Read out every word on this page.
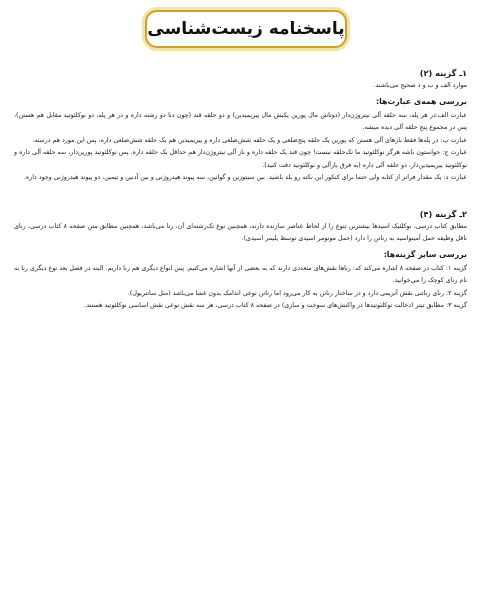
پاسخنامه زیست‌شناسی

۱ـ گزینه (۲)

موارد الف و ب و د صحیح می‌باشند.

بررسی همه‌ی عبارت‌ها:

عبارت الف:در هر پله، سه حلقه آلی نیتروژن‌دار (دوتاش مال پورین یکیش مال پیریمیدین) و دو حلقه قند (چون دنا دو رشته داره و در هر پله، دو نوکلئوتید مقابل هم هستن)، پس در مجموع پنج حلقه آلی دیده میشه.

عبارت ب: در پله‌ها فقط بازهای آلی هستن که پورین یک حلقه پنج‌ضلعی و یک حلقه شش‌ضلعی داره و پیریمیدین هم یک حلقه شش‌ضلعی داره، پس این مورد هم درسته.

عبارت ج: حواستون باشه هرگز نوکلئوتید ما تک‌حلقه نیست! چون قند یک حلقه داره و باز آلی نیتروژن‌دار هم حداقل یک حلقه داره. پس نوکلئوتید پورین‌دار، سه حلقه آلی داره و نوکلئوتید پیریمیدین‌دار، دو حلقه آلی داره (به فرق بازآلی و نوکلئوتید دقت کنید).

عبارت د: یک مقدار فراتر از کتابه ولی حتما برای کنکور این نکته رو بلد باشید. بین سیتوزین و گوانین، سه پیوند هیدروژنی و بین آدنین و تیمین، دو پیوند هیدروژنی وجود داره.

۲ـ گزینه (۴)

مطابق کتاب درسی، نوکلئیک اسیدها بیشترین تنوع را از لحاظ عناصر سازنده دارند، همچنین نوع تک‌رشته‌ای آن، رنا می‌باشد، همچنین مطابق متن صفحه ۸ کتاب درسی، رنای ناقل وظیفه حمل آمینواسید به رناتن را دارد (حمل مونومر اسیدی توسط پلیمر اسیدی).

بررسی سایر گزینه‌ها:

گزینه ۱: کتاب در صفحه ۸ اشاره می‌کند که: رناها نقش‌های متعددی دارند که به بعضی از آنها اشاره می‌کنیم. پس انواع دیگری هم رنا داریم. البته در فصل بعد نوع دیگری رنا به نام رنای کوچک را می‌خوانید.

گزینه ۲: رنای رناتنی نقش آنزیمی دارد و در ساختار رناتن به کار می‌رود اما رناتن نوعی اندامک بدون غشا می‌باشد (مثل سانتریول).

گزینه ۳: مطابق تیتر (دخالت نوکلئوتیدها در واکنش‌های سوخت و سازی) در صفحه ۸ کتاب درسی، هر سه نقش نوعی نقش اساسی نوکلئوتید هستند.
